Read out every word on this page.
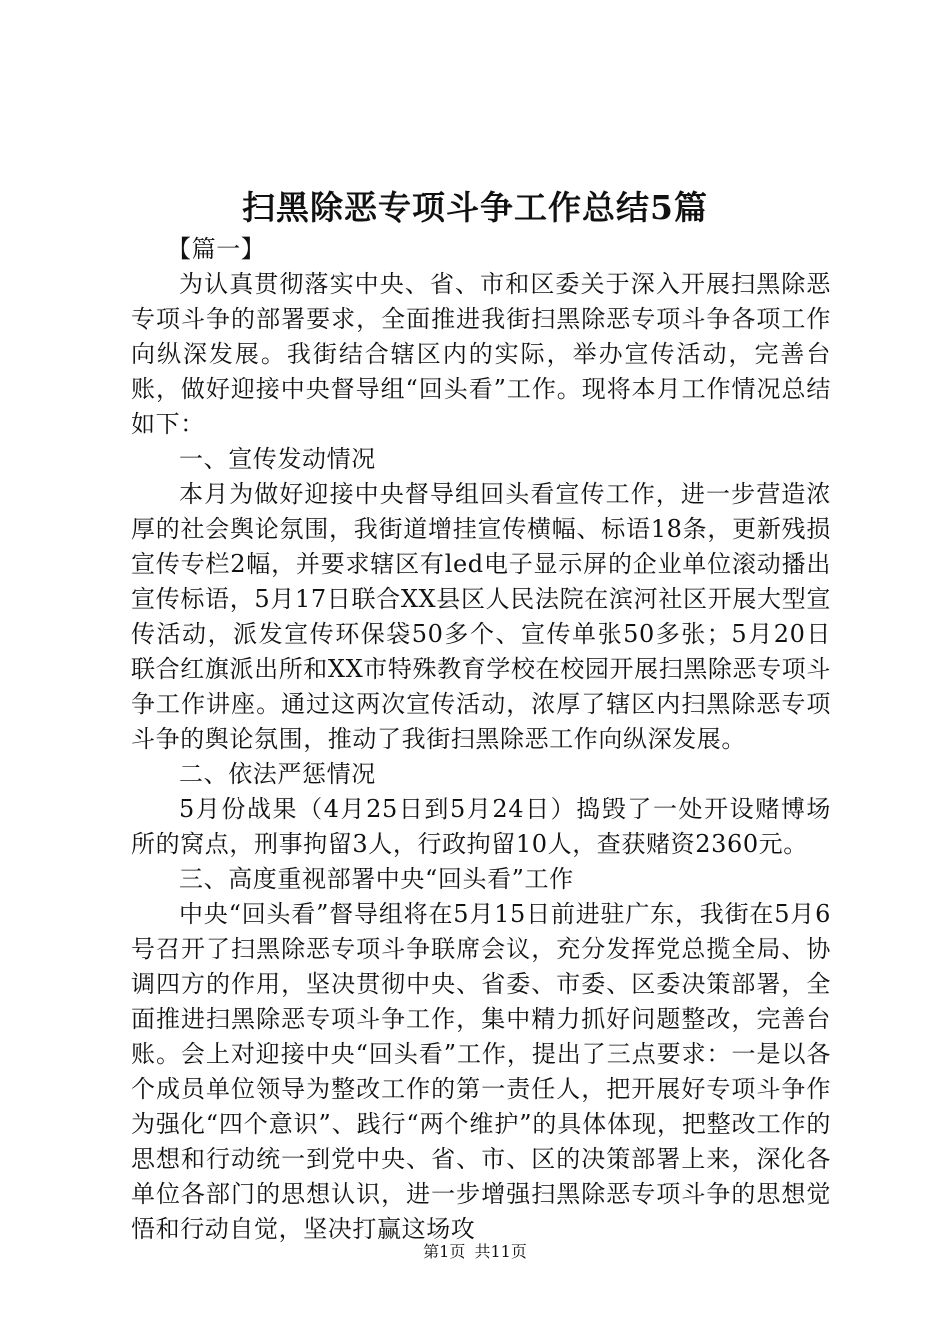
扫黑除恶专项斗争工作总结5篇

【篇一】

为认真贯彻落实中央、省、市和区委关于深入开展扫黑除恶专项斗争的部署要求，全面推进我街扫黑除恶专项斗争各项工作向纵深发展。我街结合辖区内的实际，举办宣传活动，完善台账，做好迎接中央督导组“回头看”工作。现将本月工作情况总结如下：

一、宣传发动情况

本月为做好迎接中央督导组回头看宣传工作，进一步营造浓厚的社会舆论氛围，我街道增挂宣传横幅、标语18条，更新残损宣传专栏2幅，并要求辖区有led电子显示屏的企业单位滚动播出宣传标语，5月17日联合XX县区人民法院在滨河社区开展大型宣传活动，派发宣传环保袋50多个、宣传单张50多张；5月20日联合红旗派出所和XX市特殊教育学校在校园开展扫黑除恶专项斗争工作讲座。通过这两次宣传活动，浓厚了辖区内扫黑除恶专项斗争的舆论氛围，推动了我街扫黑除恶工作向纵深发展。

二、依法严惩情况

5月份战果（4月25日到5月24日）捣毁了一处开设赌博场所的窝点，刑事拘留3人，行政拘留10人，查获赌资2360元。

三、高度重视部署中央“回头看”工作

中央“回头看”督导组将在5月15日前进驻广东，我街在5月6号召开了扫黑除恶专项斗争联席会议，充分发挥党总揽全局、协调四方的作用，坚决贯彻中央、省委、市委、区委决策部署，全面推进扫黑除恶专项斗争工作，集中精力抓好问题整改，完善台账。会上对迎接中央“回头看”工作，提出了三点要求：一是以各个成员单位领导为整改工作的第一责任人，把开展好专项斗争作为强化“四个意识”、践行“两个维护”的具体体现，把整改工作的思想和行动统一到党中央、省、市、区的决策部署上来，深化各单位各部门的思想认识，进一步增强扫黑除恶专项斗争的思想觉悟和行动自觉，坚决打赢这场攻

第1页 共11页
